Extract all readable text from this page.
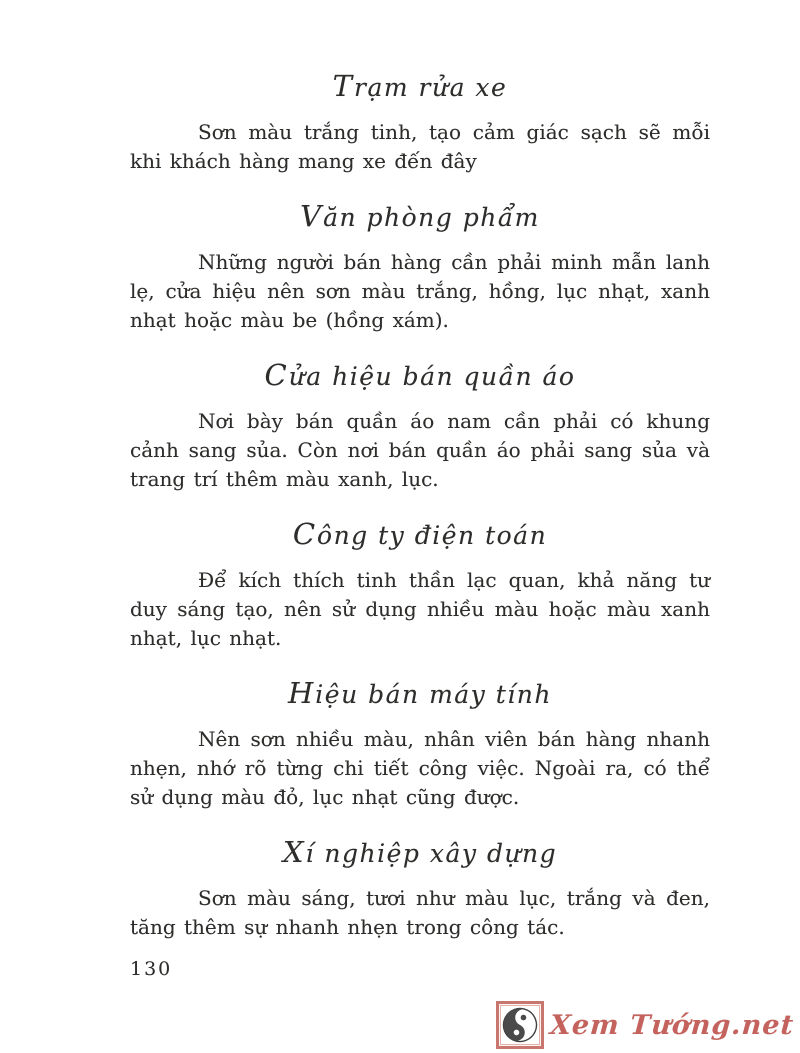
Trạm rửa xe

Sơn màu trắng tinh, tạo cảm giác sạch sẽ mỗi khi khách hàng mang xe đến đây

Văn phòng phẩm

Những người bán hàng cần phải minh mẫn lanh lẹ, cửa hiệu nên sơn màu trắng, hồng, lục nhạt, xanh nhạt hoặc màu be (hồng xám).

Cửa hiệu bán quần áo

Nơi bày bán quần áo nam cần phải có khung cảnh sang sủa. Còn nơi bán quần áo phải sang sủa và trang trí thêm màu xanh, lục.

Công ty điện toán

Để kích thích tinh thần lạc quan, khả năng tư duy sáng tạo, nên sử dụng nhiều màu hoặc màu xanh nhạt, lục nhạt.

Hiệu bán máy tính

Nên sơn nhiều màu, nhân viên bán hàng nhanh nhẹn, nhớ rõ từng chi tiết công việc. Ngoài ra, có thể sử dụng màu đỏ, lục nhạt cũng được.

Xí nghiệp xây dựng

Sơn màu sáng, tươi như màu lục, trắng và đen, tăng thêm sự nhanh nhẹn trong công tác.

130
Xem Tướng.net
